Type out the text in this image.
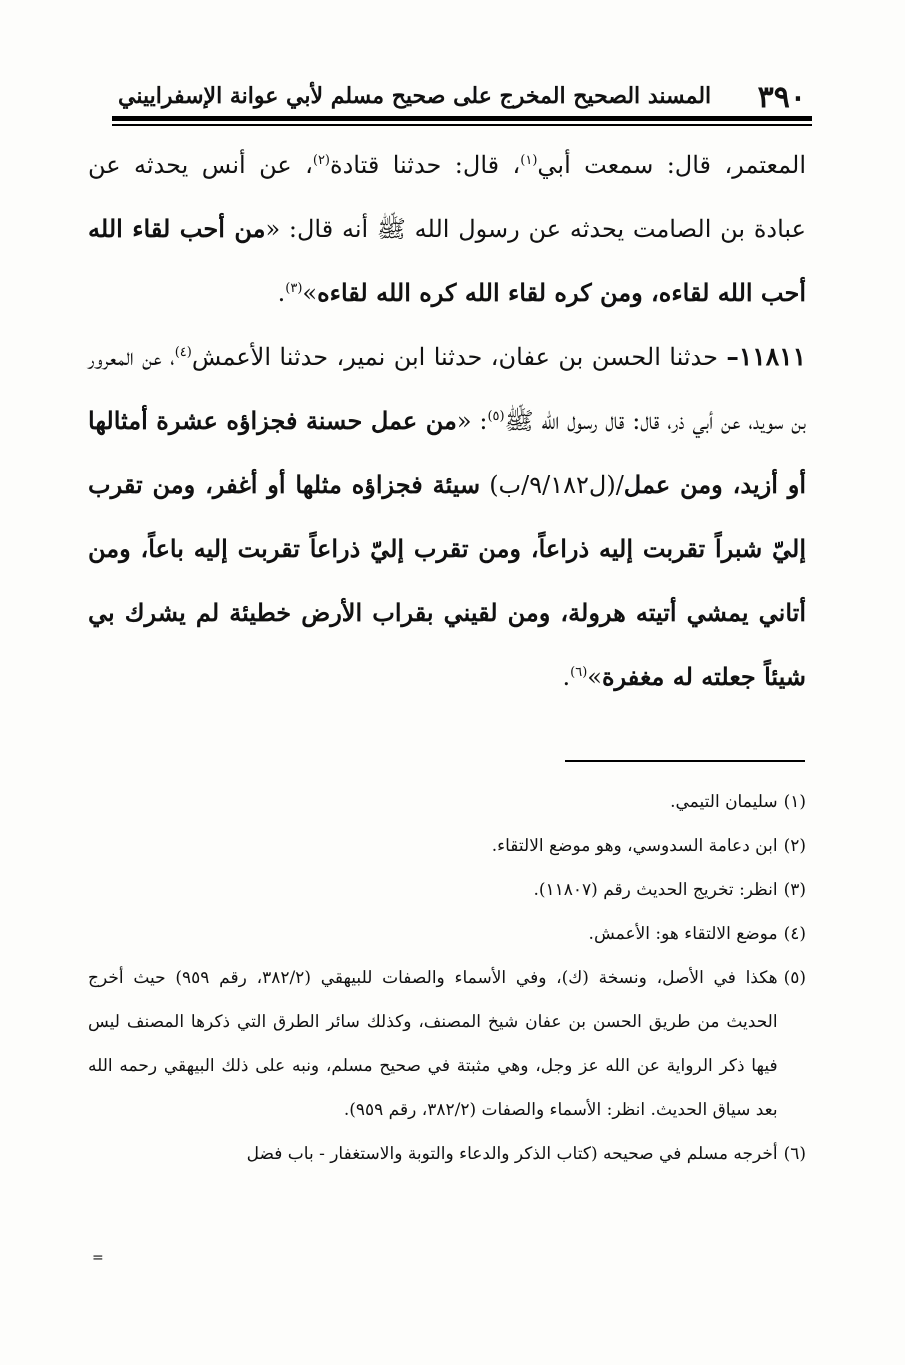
٣٩٠
المسند الصحيح المخرج على صحيح مسلم لأبي عوانة الإسفراييني

المعتمر، قال: سمعت أبي$^{(١)}$، قال: حدثنا قتادة$^{(٢)}$، عن أنس يحدثه عن عبادة بن الصامت يحدثه عن رسول الله ﷺ أنه قال: «من أحب لقاء الله أحب الله لقاءه، ومن كره لقاء الله كره الله لقاءه»$^{(٣)}$.

١١٨١١– حدثنا الحسن بن عفان، حدثنا ابن نمير، حدثنا الأعمش$^{(٤)}$، عن المعرور بن سويد، عن أبي ذر، قال: قال رسول الله ﷺ$^{(٥)}$: «من عمل حسنة فجزاؤه عشرة أمثالها أو أزيد، ومن عمل/(ل٩/١٨٢/ب) سيئة فجزاؤه مثلها أو أغفر، ومن تقرب إليّ شبراً تقربت إليه ذراعاً، ومن تقرب إليّ ذراعاً تقربت إليه باعاً، ومن أتاني يمشي أتيته هرولة، ومن لقيني بقراب الأرض خطيئة لم يشرك بي شيئاً جعلته له مغفرة»$^{(٦)}$.

(١)
سليمان التيمي.
(٢)
ابن دعامة السدوسي، وهو موضع الالتقاء.
(٣)
انظر: تخريج الحديث رقم (١١٨٠٧).
(٤)
موضع الالتقاء هو: الأعمش.
(٥)
هكذا في الأصل، ونسخة (ك)، وفي الأسماء والصفات للبيهقي (٣٨٢/٢، رقم ٩٥٩) حيث أخرج الحديث من طريق الحسن بن عفان شيخ المصنف، وكذلك سائر الطرق التي ذكرها المصنف ليس فيها ذكر الرواية عن الله عز وجل، وهي مثبتة في صحيح مسلم، ونبه على ذلك البيهقي رحمه الله بعد سياق الحديث. انظر: الأسماء والصفات (٣٨٢/٢، رقم ٩٥٩).
(٦)
أخرجه مسلم في صحيحه (كتاب الذكر والدعاء والتوبة والاستغفار - باب فضل
=
